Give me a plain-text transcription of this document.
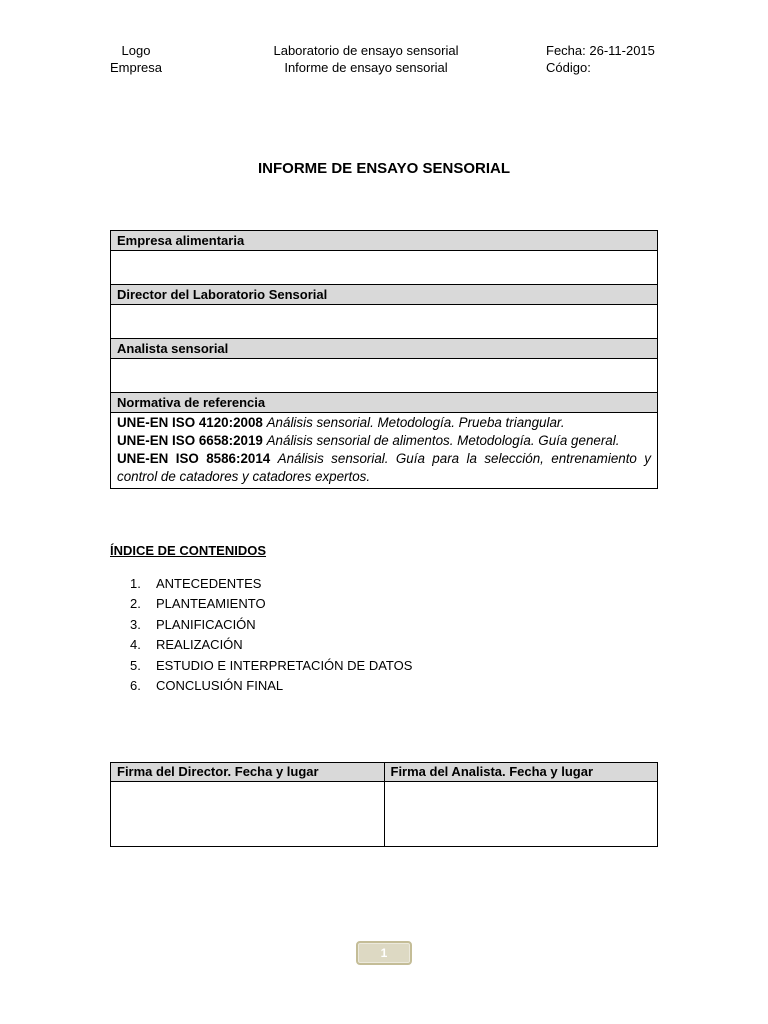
Logo
Empresa
Laboratorio de ensayo sensorial
Informe de ensayo sensorial
Fecha: 26-11-2015
Código:
INFORME DE ENSAYO SENSORIAL
Empresa alimentaria
Director del Laboratorio Sensorial
Analista sensorial
Normativa de referencia
UNE-EN ISO 4120:2008 Análisis sensorial. Metodología. Prueba triangular.
UNE-EN ISO 6658:2019 Análisis sensorial de alimentos. Metodología. Guía general.
UNE-EN ISO 8586:2014 Análisis sensorial. Guía para la selección, entrenamiento y control de catadores y catadores expertos.
ÍNDICE DE CONTENIDOS
1.	ANTECEDENTES
2.	PLANTEAMIENTO
3.	PLANIFICACIÓN
4.	REALIZACIÓN
5.	ESTUDIO E INTERPRETACIÓN DE DATOS
6.	CONCLUSIÓN FINAL
Firma del Director. Fecha y lugar	Firma del Analista. Fecha y lugar
1
